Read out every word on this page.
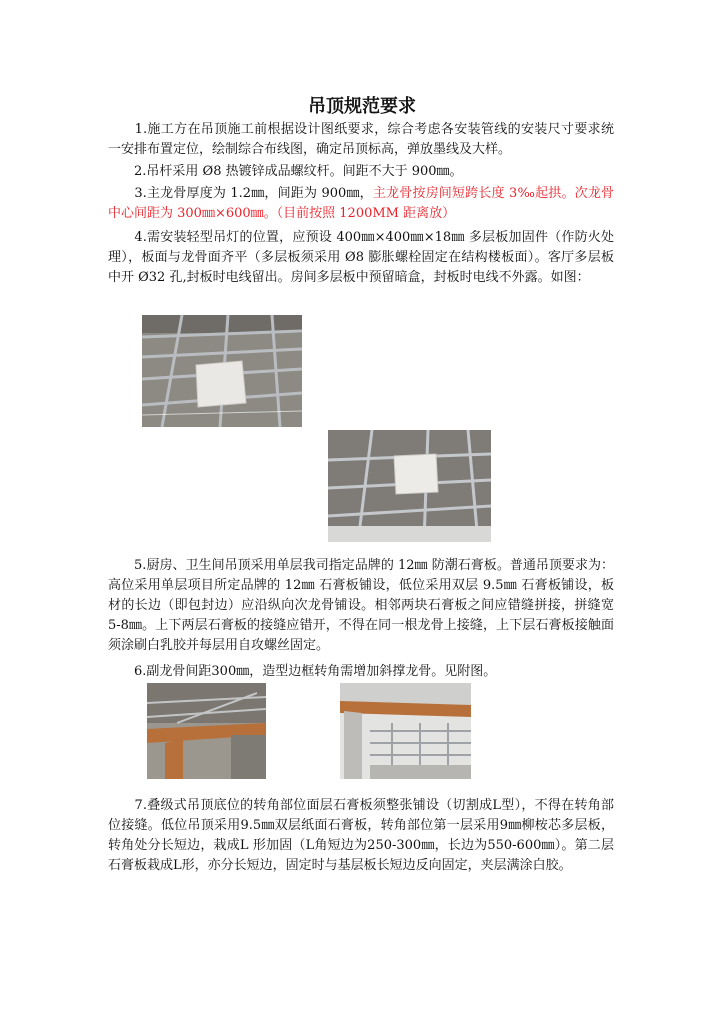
吊顶规范要求

　　1.施工方在吊顶施工前根据设计图纸要求，综合考虑各安装管线的安装尺寸要求统一安排布置定位，绘制综合布线图，确定吊顶标高，弹放墨线及大样。

　　2.吊杆采用 Ø8 热镀锌成品螺纹杆。间距不大于 900㎜。

　　3.主龙骨厚度为 1.2㎜，间距为 900㎜，主龙骨按房间短跨长度 3‰起拱。次龙骨中心间距为 300㎜×600㎜。（目前按照 1200MM 距离放）

　　4.需安装轻型吊灯的位置，应预设 400㎜×400㎜×18㎜ 多层板加固件（作防火处理），板面与龙骨面齐平（多层板须采用 Ø8 膨胀螺栓固定在结构楼板面）。客厅多层板中开 Ø32 孔,封板时电线留出。房间多层板中预留暗盒，封板时电线不外露。如图：

　　5.厨房、卫生间吊顶采用单层我司指定品牌的 12㎜ 防潮石膏板。普通吊顶要求为：高位采用单层项目所定品牌的 12㎜ 石膏板铺设，低位采用双层 9.5㎜ 石膏板铺设，板材的长边（即包封边）应沿纵向次龙骨铺设。相邻两块石膏板之间应错缝拼接，拼缝宽 5-8㎜。上下两层石膏板的接缝应错开，不得在同一根龙骨上接缝，上下层石膏板接触面须涂刷白乳胶并每层用自攻螺丝固定。

　　6.副龙骨间距300㎜，造型边框转角需增加斜撑龙骨。见附图。

　　7.叠级式吊顶底位的转角部位面层石膏板须整张铺设（切割成L型），不得在转角部位接缝。低位吊顶采用9.5㎜双层纸面石膏板，转角部位第一层采用9㎜柳桉芯多层板，转角处分长短边，栽成L 形加固（L角短边为250-300㎜，长边为550-600㎜）。第二层石膏板栽成L形，亦分长短边，固定时与基层板长短边反向固定，夹层满涂白胶。
